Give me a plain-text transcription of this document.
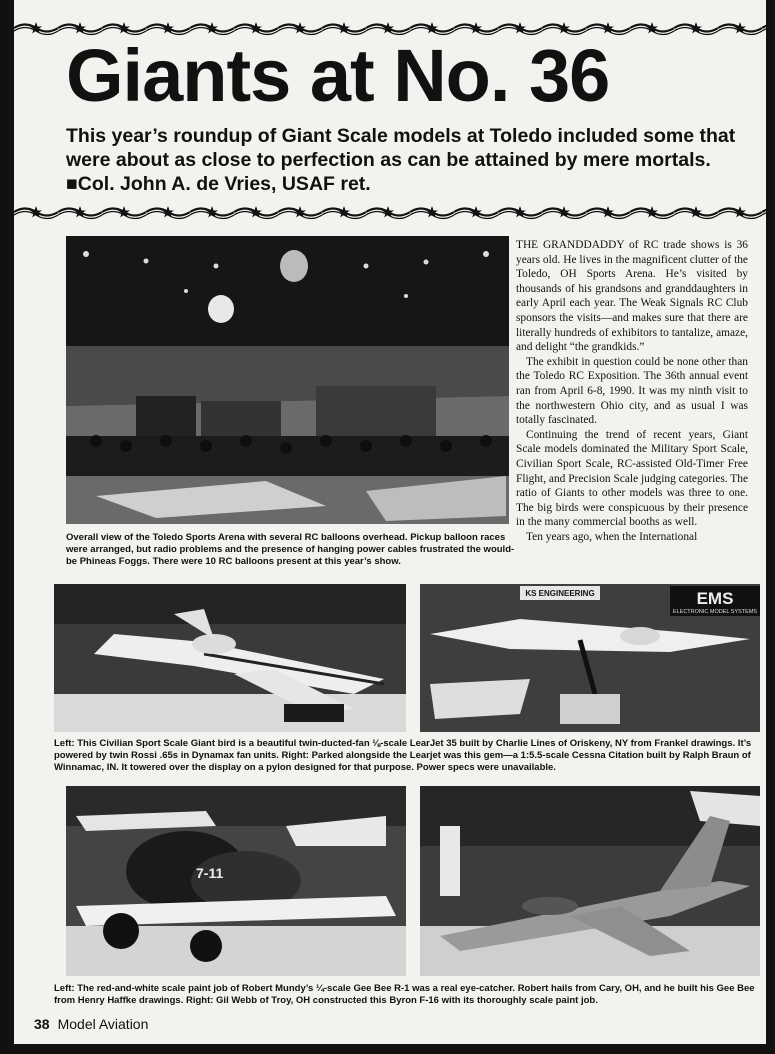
Giants at No. 36

This year’s roundup of Giant Scale models at Toledo included some that were about as close to perfection as can be attained by mere mortals. ■Col. John A. de Vries, USAF ret.

Overall view of the Toledo Sports Arena with several RC balloons overhead. Pickup balloon races were arranged, but radio problems and the presence of hanging power cables frustrated the would-be Phineas Foggs. There were 10 RC balloons present at this year’s show.

THE GRANDDADDY of RC trade shows is 36 years old. He lives in the magnificent clutter of the Toledo, OH Sports Arena. He’s visited by thousands of his grandsons and granddaughters in early April each year. The Weak Signals RC Club sponsors the visits—and makes sure that there are literally hundreds of exhibitors to tantalize, amaze, and delight “the grandkids.”

The exhibit in question could be none other than the Toledo RC Exposition. The 36th annual event ran from April 6-8, 1990. It was my ninth visit to the northwestern Ohio city, and as usual I was totally fascinated.

Continuing the trend of recent years, Giant Scale models dominated the Military Sport Scale, Civilian Sport Scale, RC-assisted Old-Timer Free Flight, and Precision Scale judging categories. The ratio of Giants to other models was three to one. The big birds were conspicuous by their presence in the many commercial booths as well.

Ten years ago, when the International

EMS
ELECTRONIC MODEL SYSTEMS
KS ENGINEERING

Left: This Civilian Sport Scale Giant bird is a beautiful twin-ducted-fan ⅛-scale LearJet 35 built by Charlie Lines of Oriskeny, NY from Frankel drawings. It’s powered by twin Rossi .65s in Dynamax fan units. Right: Parked alongside the Learjet was this gem—a 1:5.5-scale Cessna Citation built by Ralph Braun of Winnamac, IN. It towered over the display on a pylon designed for that purpose. Power specs were unavailable.

7-11

Left: The red-and-white scale paint job of Robert Mundy’s ¼-scale Gee Bee R-1 was a real eye-catcher. Robert hails from Cary, OH, and he built his Gee Bee from Henry Haffke drawings. Right: Gil Webb of Troy, OH constructed this Byron F-16 with its thoroughly scale paint job.

38 Model Aviation
